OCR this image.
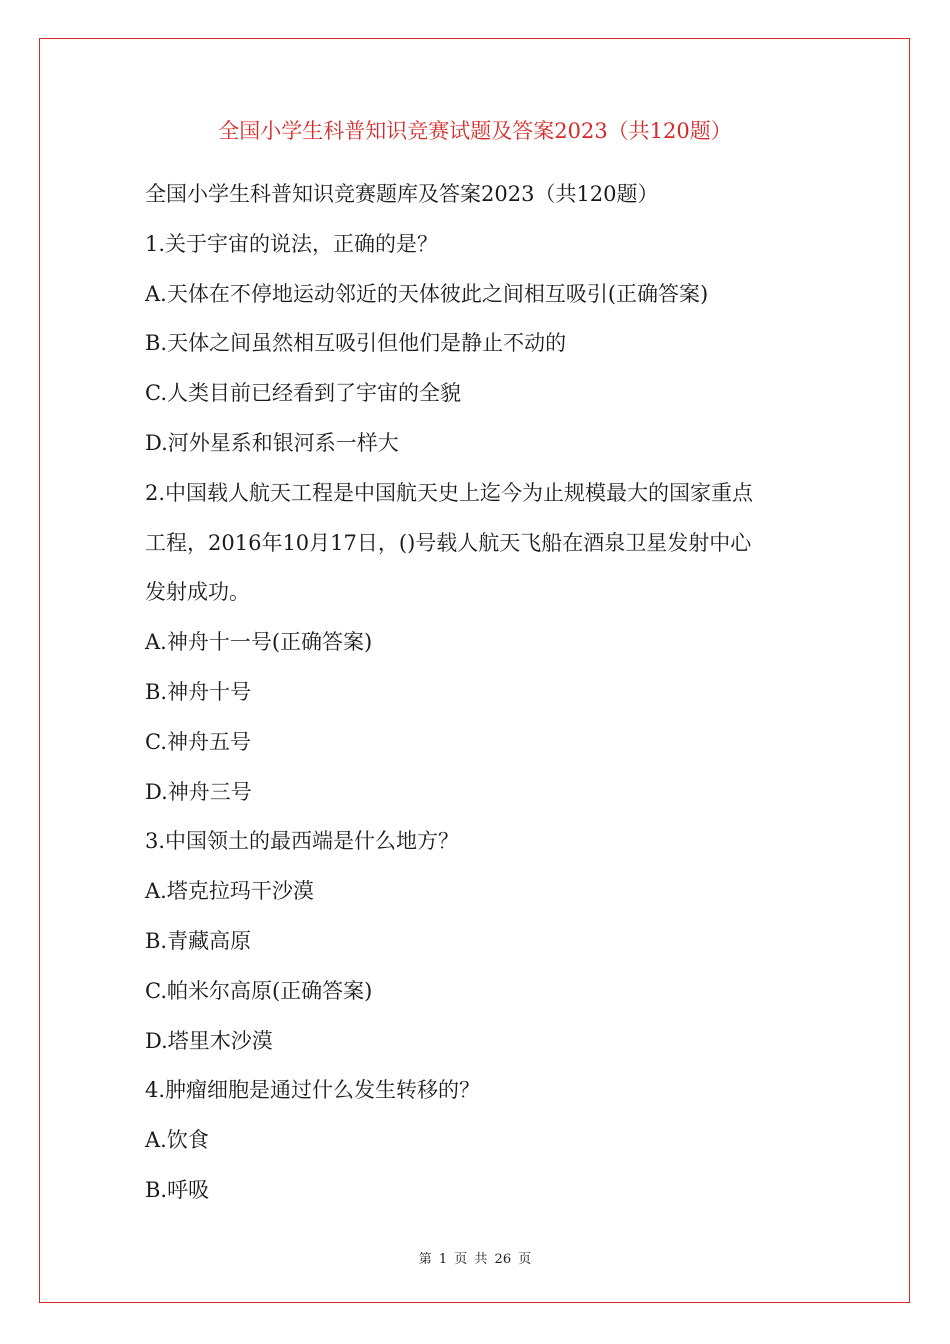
全国小学生科普知识竞赛试题及答案2023（共120题）

全国小学生科普知识竞赛题库及答案2023（共120题）

1.关于宇宙的说法，正确的是？

A.天体在不停地运动邻近的天体彼此之间相互吸引(正确答案)

B.天体之间虽然相互吸引但他们是静止不动的

C.人类目前已经看到了宇宙的全貌

D.河外星系和银河系一样大

2.中国载人航天工程是中国航天史上迄今为止规模最大的国家重点

工程，2016年10月17日，()号载人航天飞船在酒泉卫星发射中心

发射成功。

A.神舟十一号(正确答案)

B.神舟十号

C.神舟五号

D.神舟三号

3.中国领土的最西端是什么地方？

A.塔克拉玛干沙漠

B.青藏高原

C.帕米尔高原(正确答案)

D.塔里木沙漠

4.肿瘤细胞是通过什么发生转移的？

A.饮食

B.呼吸

第 1 页 共 26 页
